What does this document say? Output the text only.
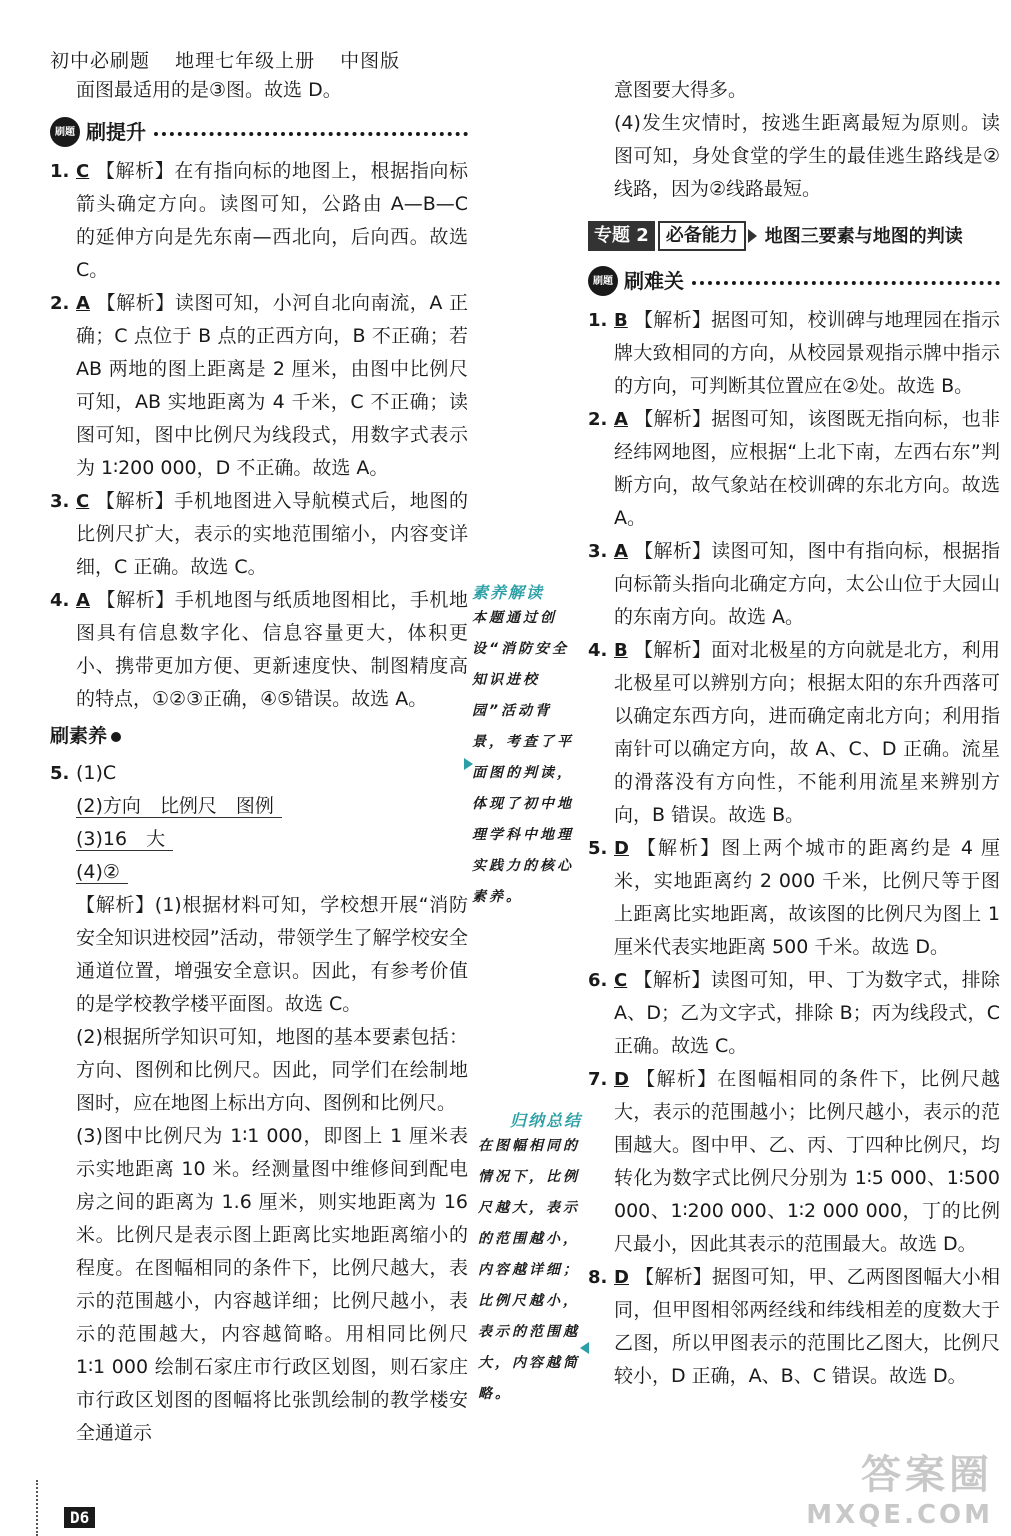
初中必刷题 地理七年级上册 中图版

面图最适用的是③图。故选 D。

刷题 刷提升
1. C 【解析】在有指向标的地图上，根据指向标箭头确定方向。读图可知，公路由 A—B—C 的延伸方向是先东南—西北向，后向西。故选 C。
2. A 【解析】读图可知，小河自北向南流，A 正确；C 点位于 B 点的正西方向，B 不正确；若 AB 两地的图上距离是 2 厘米，由图中比例尺可知，AB 实地距离为 4 千米，C 不正确；读图可知，图中比例尺为线段式，用数字式表示为 1∶200 000，D 不正确。故选 A。
3. C 【解析】手机地图进入导航模式后，地图的比例尺扩大，表示的实地范围缩小，内容变详细，C 正确。故选 C。
4. A 【解析】手机地图与纸质地图相比，手机地图具有信息数字化、信息容量更大，体积更小、携带更加方便、更新速度快、制图精度高的特点，①②③正确，④⑤错误。故选 A。
刷素养
5. (1)C

(2)方向　比例尺　图例

(3)16　大

(4)②

【解析】(1)根据材料可知，学校想开展“消防安全知识进校园”活动，带领学生了解学校安全通道位置，增强安全意识。因此，有参考价值的是学校教学楼平面图。故选 C。

(2)根据所学知识可知，地图的基本要素包括：方向、图例和比例尺。因此，同学们在绘制地图时，应在地图上标出方向、图例和比例尺。

(3)图中比例尺为 1∶1 000，即图上 1 厘米表示实地距离 10 米。经测量图中维修间到配电房之间的距离为 1.6 厘米，则实地距离为 16 米。比例尺是表示图上距离比实地距离缩小的程度。在图幅相同的条件下，比例尺越大，表示的范围越小，内容越详细；比例尺越小，表示的范围越大，内容越简略。用相同比例尺 1∶1 000 绘制石家庄市行政区划图，则石家庄市行政区划图的图幅将比张凯绘制的教学楼安全通道示

素养解读
本题通过创设“消防安全知识进校园”活动背景，考查了平面图的判读，体现了初中地理学科中地理实践力的核心素养。
归纳总结
在图幅相同的情况下，比例尺越大，表示的范围越小，内容越详细；比例尺越小，表示的范围越大，内容越简略。

意图要大得多。

(4)发生灾情时，按逃生距离最短为原则。读图可知，身处食堂的学生的最佳逃生路线是②线路，因为②线路最短。

专题 2 必备能力	地图三要素与地图的判读
刷题 刷难关
1. B 【解析】据图可知，校训碑与地理园在指示牌大致相同的方向，从校园景观指示牌中指示的方向，可判断其位置应在②处。故选 B。
2. A 【解析】据图可知，该图既无指向标，也非经纬网地图，应根据“上北下南，左西右东”判断方向，故气象站在校训碑的东北方向。故选 A。
3. A 【解析】读图可知，图中有指向标，根据指向标箭头指向北确定方向，太公山位于大园山的东南方向。故选 A。
4. B 【解析】面对北极星的方向就是北方，利用北极星可以辨别方向；根据太阳的东升西落可以确定东西方向，进而确定南北方向；利用指南针可以确定方向，故 A、C、D 正确。流星的滑落没有方向性，不能利用流星来辨别方向，B 错误。故选 B。
5. D 【解析】图上两个城市的距离约是 4 厘米，实地距离约 2 000 千米，比例尺等于图上距离比实地距离，故该图的比例尺为图上 1 厘米代表实地距离 500 千米。故选 D。
6. C 【解析】读图可知，甲、丁为数字式，排除 A、D；乙为文字式，排除 B；丙为线段式，C 正确。故选 C。
7. D 【解析】在图幅相同的条件下，比例尺越大，表示的范围越小；比例尺越小，表示的范围越大。图中甲、乙、丙、丁四种比例尺，均转化为数字式比例尺分别为 1∶5 000、1∶500 000、1∶200 000、1∶2 000 000，丁的比例尺最小，因此其表示的范围最大。故选 D。
8. D 【解析】据图可知，甲、乙两图图幅大小相同，但甲图相邻两经线和纬线相差的度数大于乙图，所以甲图表示的范围比乙图大，比例尺较小，D 正确，A、B、C 错误。故选 D。
D6
答案圈
MXQE.COM
